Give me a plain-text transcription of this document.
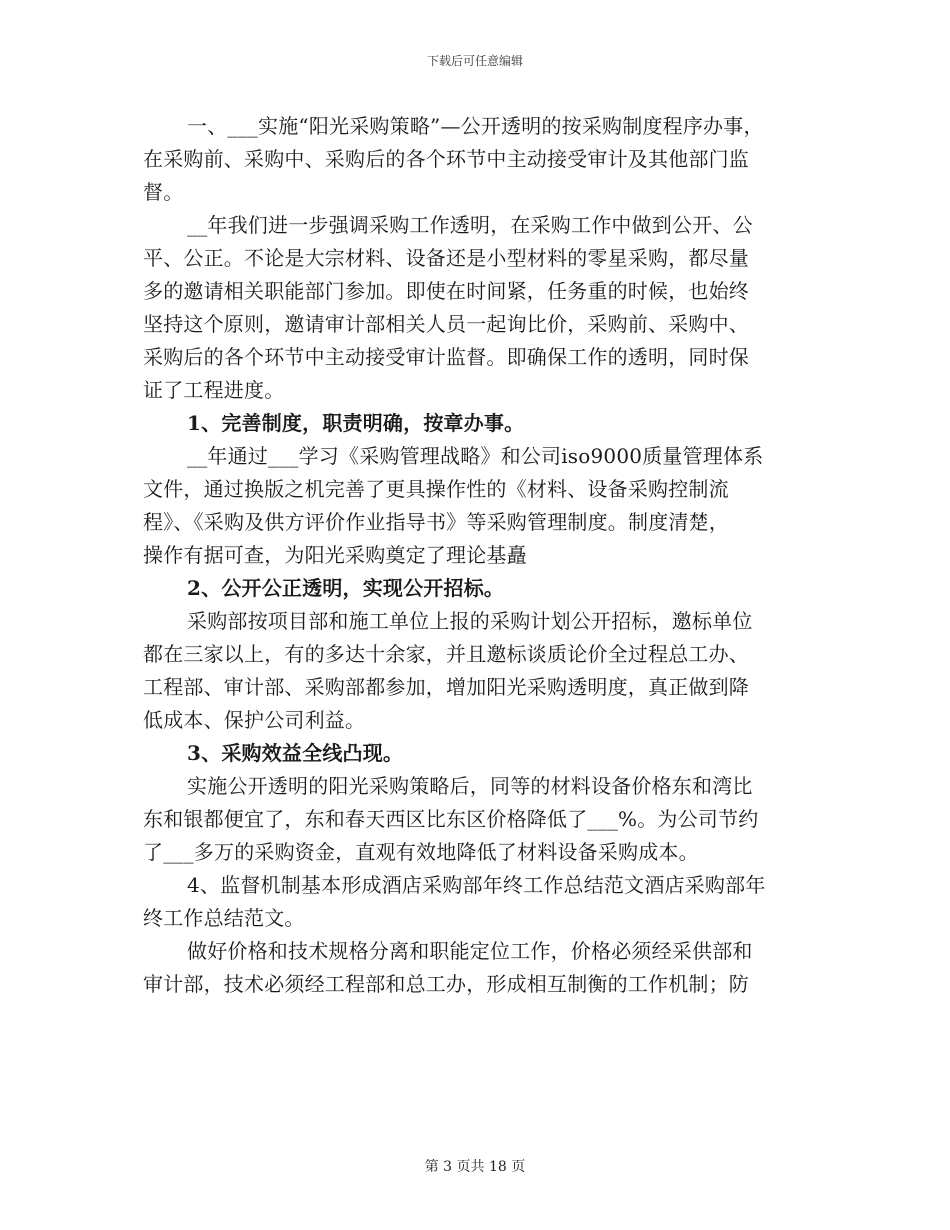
下载后可任意编辑
一、___实施“阳光采购策略”—公开透明的按采购制度程序办事，
在采购前、采购中、采购后的各个环节中主动接受审计及其他部门监
督。
__年我们进一步强调采购工作透明，在采购工作中做到公开、公
平、公正。不论是大宗材料、设备还是小型材料的零星采购，都尽量
多的邀请相关职能部门参加。即使在时间紧，任务重的时候，也始终
坚持这个原则，邀请审计部相关人员一起询比价，采购前、采购中、
采购后的各个环节中主动接受审计监督。即确保工作的透明，同时保
证了工程进度。
1、完善制度，职责明确，按章办事。
__年通过___学习《采购管理战略》和公司iso9000质量管理体系
文件，通过换版之机完善了更具操作性的《材料、设备采购控制流
程》、《采购及供方评价作业指导书》等采购管理制度。制度清楚，
操作有据可查，为阳光采购奠定了理论基矗
2、公开公正透明，实现公开招标。
采购部按项目部和施工单位上报的采购计划公开招标，邀标单位
都在三家以上，有的多达十余家，并且邀标谈质论价全过程总工办、
工程部、审计部、采购部都参加，增加阳光采购透明度，真正做到降
低成本、保护公司利益。
3、采购效益全线凸现。
实施公开透明的阳光采购策略后，同等的材料设备价格东和湾比
东和银都便宜了，东和春天西区比东区价格降低了___%。为公司节约
了___多万的采购资金，直观有效地降低了材料设备采购成本。
4、监督机制基本形成酒店采购部年终工作总结范文酒店采购部年
终工作总结范文。
做好价格和技术规格分离和职能定位工作，价格必须经采供部和
审计部，技术必须经工程部和总工办，形成相互制衡的工作机制；防
第 3 页共 18 页
